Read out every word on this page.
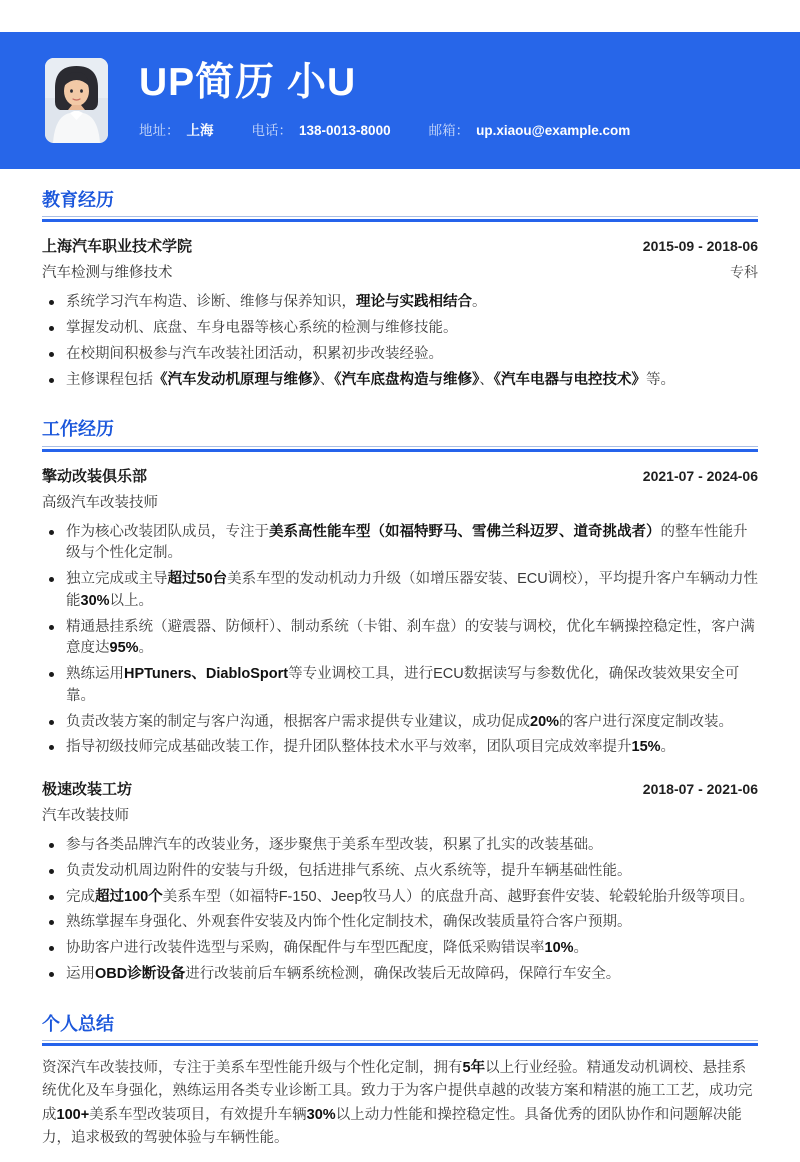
UP简历 小U
地址： 上海	电话： 138-0013-8000	邮箱： up.xiaou@example.com
教育经历
上海汽车职业技术学院	2015-09 - 2018-06
汽车检测与维修技术	专科
系统学习汽车构造、诊断、维修与保养知识，理论与实践相结合。
掌握发动机、底盘、车身电器等核心系统的检测与维修技能。
在校期间积极参与汽车改装社团活动，积累初步改装经验。
主修课程包括《汽车发动机原理与维修》、《汽车底盘构造与维修》、《汽车电器与电控技术》等。
工作经历
擎动改装俱乐部	2021-07 - 2024-06
高级汽车改装技师
作为核心改装团队成员，专注于美系高性能车型（如福特野马、雪佛兰科迈罗、道奇挑战者）的整车性能升级与个性化定制。
独立完成或主导超过50台美系车型的发动机动力升级（如增压器安装、ECU调校），平均提升客户车辆动力性能30%以上。
精通悬挂系统（避震器、防倾杆）、制动系统（卡钳、刹车盘）的安装与调校，优化车辆操控稳定性，客户满意度达95%。
熟练运用HPTuners、DiabloSport等专业调校工具，进行ECU数据读写与参数优化，确保改装效果安全可靠。
负责改装方案的制定与客户沟通，根据客户需求提供专业建议，成功促成20%的客户进行深度定制改装。
指导初级技师完成基础改装工作，提升团队整体技术水平与效率，团队项目完成效率提升15%。
极速改装工坊	2018-07 - 2021-06
汽车改装技师
参与各类品牌汽车的改装业务，逐步聚焦于美系车型改装，积累了扎实的改装基础。
负责发动机周边附件的安装与升级，包括进排气系统、点火系统等，提升车辆基础性能。
完成超过100个美系车型（如福特F-150、Jeep牧马人）的底盘升高、越野套件安装、轮毂轮胎升级等项目。
熟练掌握车身强化、外观套件安装及内饰个性化定制技术，确保改装质量符合客户预期。
协助客户进行改装件选型与采购，确保配件与车型匹配度，降低采购错误率10%。
运用OBD诊断设备进行改装前后车辆系统检测，确保改装后无故障码，保障行车安全。
个人总结

资深汽车改装技师，专注于美系车型性能升级与个性化定制，拥有5年以上行业经验。精通发动机调校、悬挂系统优化及车身强化，熟练运用各类专业诊断工具。致力于为客户提供卓越的改装方案和精湛的施工工艺，成功完成100+美系车型改装项目，有效提升车辆30%以上动力性能和操控稳定性。具备优秀的团队协作和问题解决能力，追求极致的驾驶体验与车辆性能。
